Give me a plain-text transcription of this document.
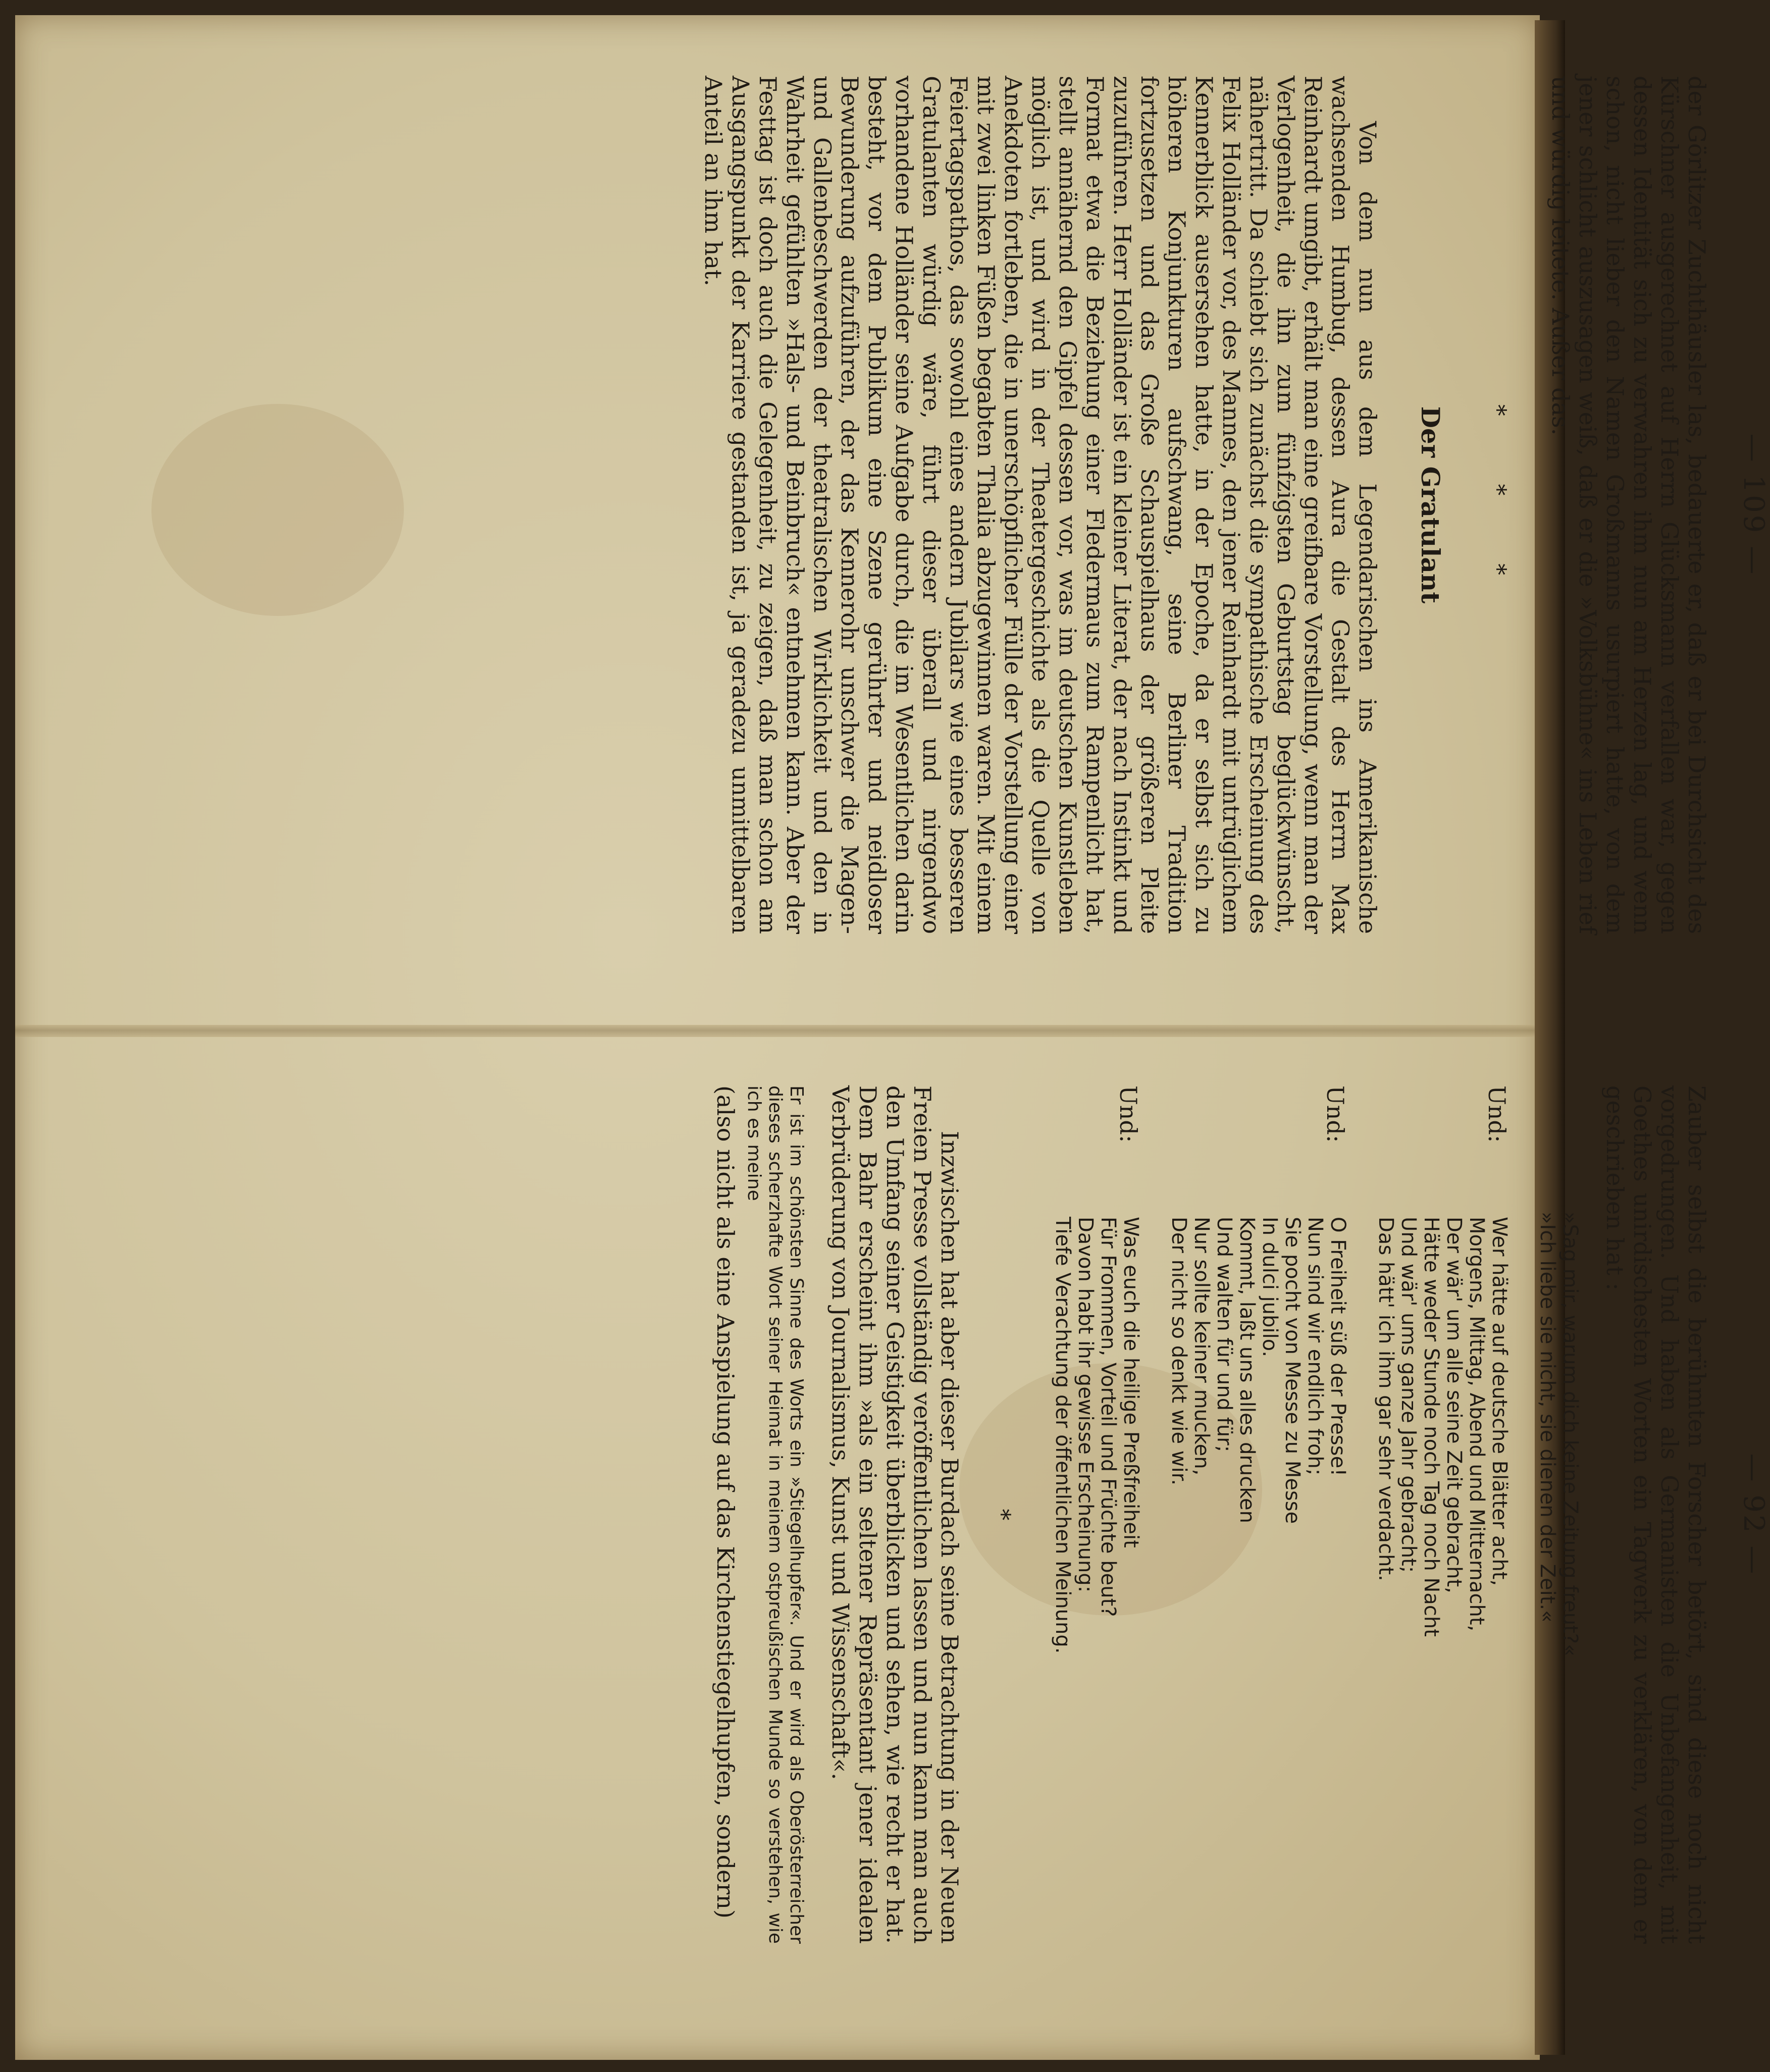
— 109 —

der Görlitzer Zuchthäusler las, bedauerte er, daß er bei Durchsicht des Kürschner ausgerechnet auf Herrn Glücksmann verfallen war, gegen dessen Identität sich zu verwahren ihm nun am Herzen lag, und wenn schon, nicht lieber den Namen Großmanns usurpiert hatte, von dem jener schlicht auszusagen weiß, daß er die »Volksbühne« ins Leben rief und würdig leitete. Außer das.

* * *
Der Gratulant

Von dem nun aus dem Legendarischen ins Amerikanische wachsenden Humbug, dessen Aura die Gestalt des Herrn Max Reinhardt umgibt, erhält man eine greifbare Vorstellung, wenn man der Verlogenheit, die ihn zum fünfzigsten Geburtstag beglückwünscht, nähertritt. Da schiebt sich zunächst die sympathische Erscheinung des Felix Holländer vor, des Mannes, den jener Reinhardt mit untrüglichem Kennerblick ausersehen hatte, in der Epoche, da er selbst sich zu höheren Konjunkturen aufschwang, seine Berliner Tradition fortzusetzen und das Große Schauspielhaus der größeren Pleite zuzuführen. Herr Holländer ist ein kleiner Literat, der nach Instinkt und Format etwa die Beziehung einer Fledermaus zum Rampenlicht hat, stellt annähernd den Gipfel dessen vor, was im deutschen Kunstleben möglich ist, und wird in der Theatergeschichte als die Quelle von Anekdoten fortleben, die in unerschöpflicher Fülle der Vorstellung einer mit zwei linken Füßen begabten Thalia abzugewinnen waren. Mit einem Feiertagspathos, das sowohl eines andern Jubilars wie eines besseren Gratulanten würdig wäre, führt dieser überall und nirgendwo vorhandene Holländer seine Aufgabe durch, die im Wesentlichen darin besteht, vor dem Publikum eine Szene gerührter und neidloser Bewunderung aufzuführen, der das Kennerohr unschwer die Magen- und Gallenbeschwerden der theatralischen Wirklichkeit und den in Wahrheit gefühlten »Hals- und Beinbruch« entnehmen kann. Aber der Festtag ist doch auch die Gelegenheit, zu zeigen, daß man schon am Ausgangspunkt der Karriere gestanden ist, ja geradezu unmittelbaren Anteil an ihm hat.

— 92 —

Zauber selbst die berühmten Forscher betört, sind diese noch nicht vorgedrungen. Und haben als Germanisten die Unbefangenheit, mit Goethes unirdischesten Worten ein Tagwerk zu verklären, von dem er geschrieben hat :

»Sag mir, warum dich keine Zeitung freut?«
»Ich liebe sie nicht, sie dienen der Zeit.«
Und:
Wer hätte auf deutsche Blätter acht,
Morgens, Mittag, Abend und Mitternacht,
Der wär' um alle seine Zeit gebracht,
Hätte weder Stunde noch Tag noch Nacht
Und wär' ums ganze Jahr gebracht;
Das hätt' ich ihm gar sehr verdacht.
Und:
O Freiheit süß der Presse!
Nun sind wir endlich froh;
Sie pocht von Messe zu Messe
In dulci jubilo.
Kommt, laßt uns alles drucken
Und walten für und für;
Nur sollte keiner mucken,
Der nicht so denkt wie wir.
Und:
Was euch die heilige Preßfreiheit
Für Frommen, Vorteil und Früchte beut?
Davon habt ihr gewisse Erscheinung:
Tiefe Verachtung der öffentlichen Meinung.
*

Inzwischen hat aber dieser Burdach seine Betrachtung in der Neuen Freien Presse vollständig veröffentlichen lassen und nun kann man auch den Umfang seiner Geistigkeit überblicken und sehen, wie recht er hat. Dem Bahr erscheint ihm »als ein seltener Repräsentant jener idealen Verbrüderung von Journalismus, Kunst und Wissenschaft«.

Er ist im schönsten Sinne des Worts ein »Stiegelhupfer«. Und er wird als Oberösterreicher dieses scherzhafte Wort seiner Heimat in meinem ostpreußischen Munde so verstehen, wie ich es meine

(also nicht als eine Anspielung auf das Kirchenstiegelhupfen, sondern)
